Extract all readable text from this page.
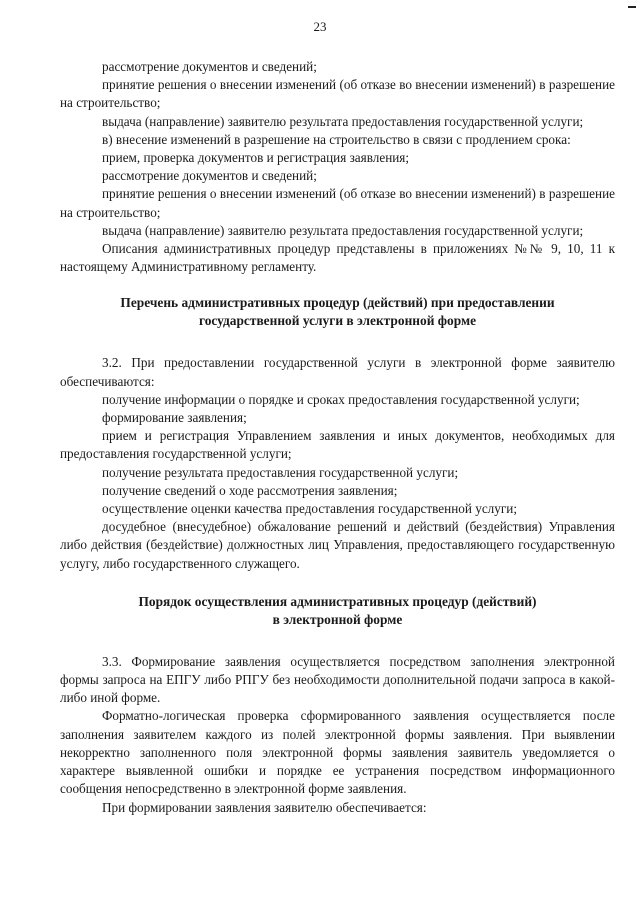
23

рассмотрение документов и сведений;

принятие решения о внесении изменений (об отказе во внесении изменений) в разрешение на строительство;

выдача (направление) заявителю результата предоставления государственной услуги;

в) внесение изменений в разрешение на строительство в связи с продлением срока:

прием, проверка документов и регистрация заявления;

рассмотрение документов и сведений;

принятие решения о внесении изменений (об отказе во внесении изменений) в разрешение на строительство;

выдача (направление) заявителю результата предоставления государственной услуги;

Описания административных процедур представлены в приложениях №№ 9, 10, 11 к настоящему Административному регламенту.

Перечень административных процедур (действий) при предоставлении

государственной услуги в электронной форме

3.2. При предоставлении государственной услуги в электронной форме заявителю обеспечиваются:

получение информации о порядке и сроках предоставления государственной услуги;

формирование заявления;

прием и регистрация Управлением заявления и иных документов, необходимых для предоставления государственной услуги;

получение результата предоставления государственной услуги;

получение сведений о ходе рассмотрения заявления;

осуществление оценки качества предоставления государственной услуги;

досудебное (внесудебное) обжалование решений и действий (бездействия) Управления либо действия (бездействие) должностных лиц Управления, предоставляющего государственную услугу, либо государственного служащего.

Порядок осуществления административных процедур (действий)

в электронной форме

3.3. Формирование заявления осуществляется посредством заполнения электронной формы запроса на ЕПГУ либо РПГУ без необходимости дополнительной подачи запроса в какой-либо иной форме.

Форматно-логическая проверка сформированного заявления осуществляется после заполнения заявителем каждого из полей электронной формы заявления. При выявлении некорректно заполненного поля электронной формы заявления заявитель уведомляется о характере выявленной ошибки и порядке ее устранения посредством информационного сообщения непосредственно в электронной форме заявления.

При формировании заявления заявителю обеспечивается:
